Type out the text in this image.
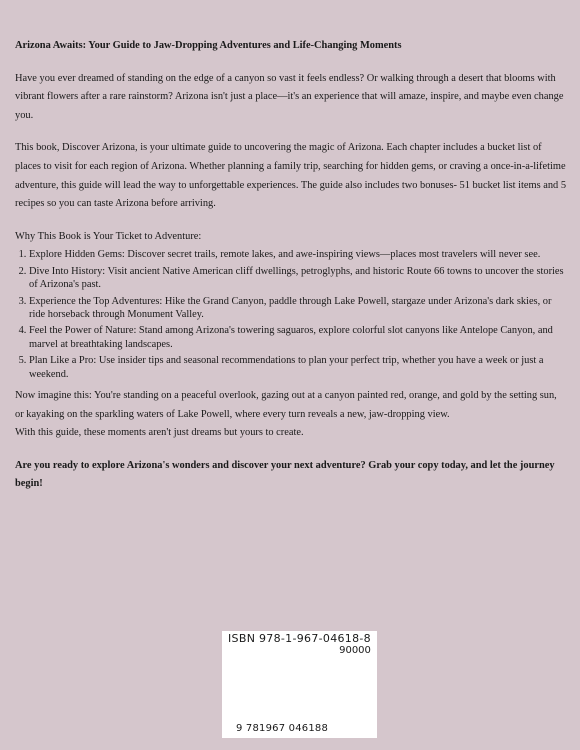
Arizona Awaits: Your Guide to Jaw-Dropping Adventures and Life-Changing Moments

Have you ever dreamed of standing on the edge of a canyon so vast it feels endless? Or walking through a desert that blooms with vibrant flowers after a rare rainstorm? Arizona isn't just a place—it's an experience that will amaze, inspire, and maybe even change you.

This book, Discover Arizona, is your ultimate guide to uncovering the magic of Arizona. Each chapter includes a bucket list of places to visit for each region of Arizona. Whether planning a family trip, searching for hidden gems, or craving a once-in-a-lifetime adventure, this guide will lead the way to unforgettable experiences. The guide also includes two bonuses- 51 bucket list items and 5 recipes so you can taste Arizona before arriving.

Why This Book is Your Ticket to Adventure:

1. Explore Hidden Gems: Discover secret trails, remote lakes, and awe-inspiring views—places most travelers will never see.
2. Dive Into History: Visit ancient Native American cliff dwellings, petroglyphs, and historic Route 66 towns to uncover the stories of Arizona's past.
3. Experience the Top Adventures: Hike the Grand Canyon, paddle through Lake Powell, stargaze under Arizona's dark skies, or ride horseback through Monument Valley.
4. Feel the Power of Nature: Stand among Arizona's towering saguaros, explore colorful slot canyons like Antelope Canyon, and marvel at breathtaking landscapes.
5. Plan Like a Pro: Use insider tips and seasonal recommendations to plan your perfect trip, whether you have a week or just a weekend.

Now imagine this: You're standing on a peaceful overlook, gazing out at a canyon painted red, orange, and gold by the setting sun, or kayaking on the sparkling waters of Lake Powell, where every turn reveals a new, jaw-dropping view.

With this guide, these moments aren't just dreams but yours to create.

Are you ready to explore Arizona's wonders and discover your next adventure? Grab your copy today, and let the journey begin!

ISBN 978-1-967-04618-8
90000
9 781967 046188
